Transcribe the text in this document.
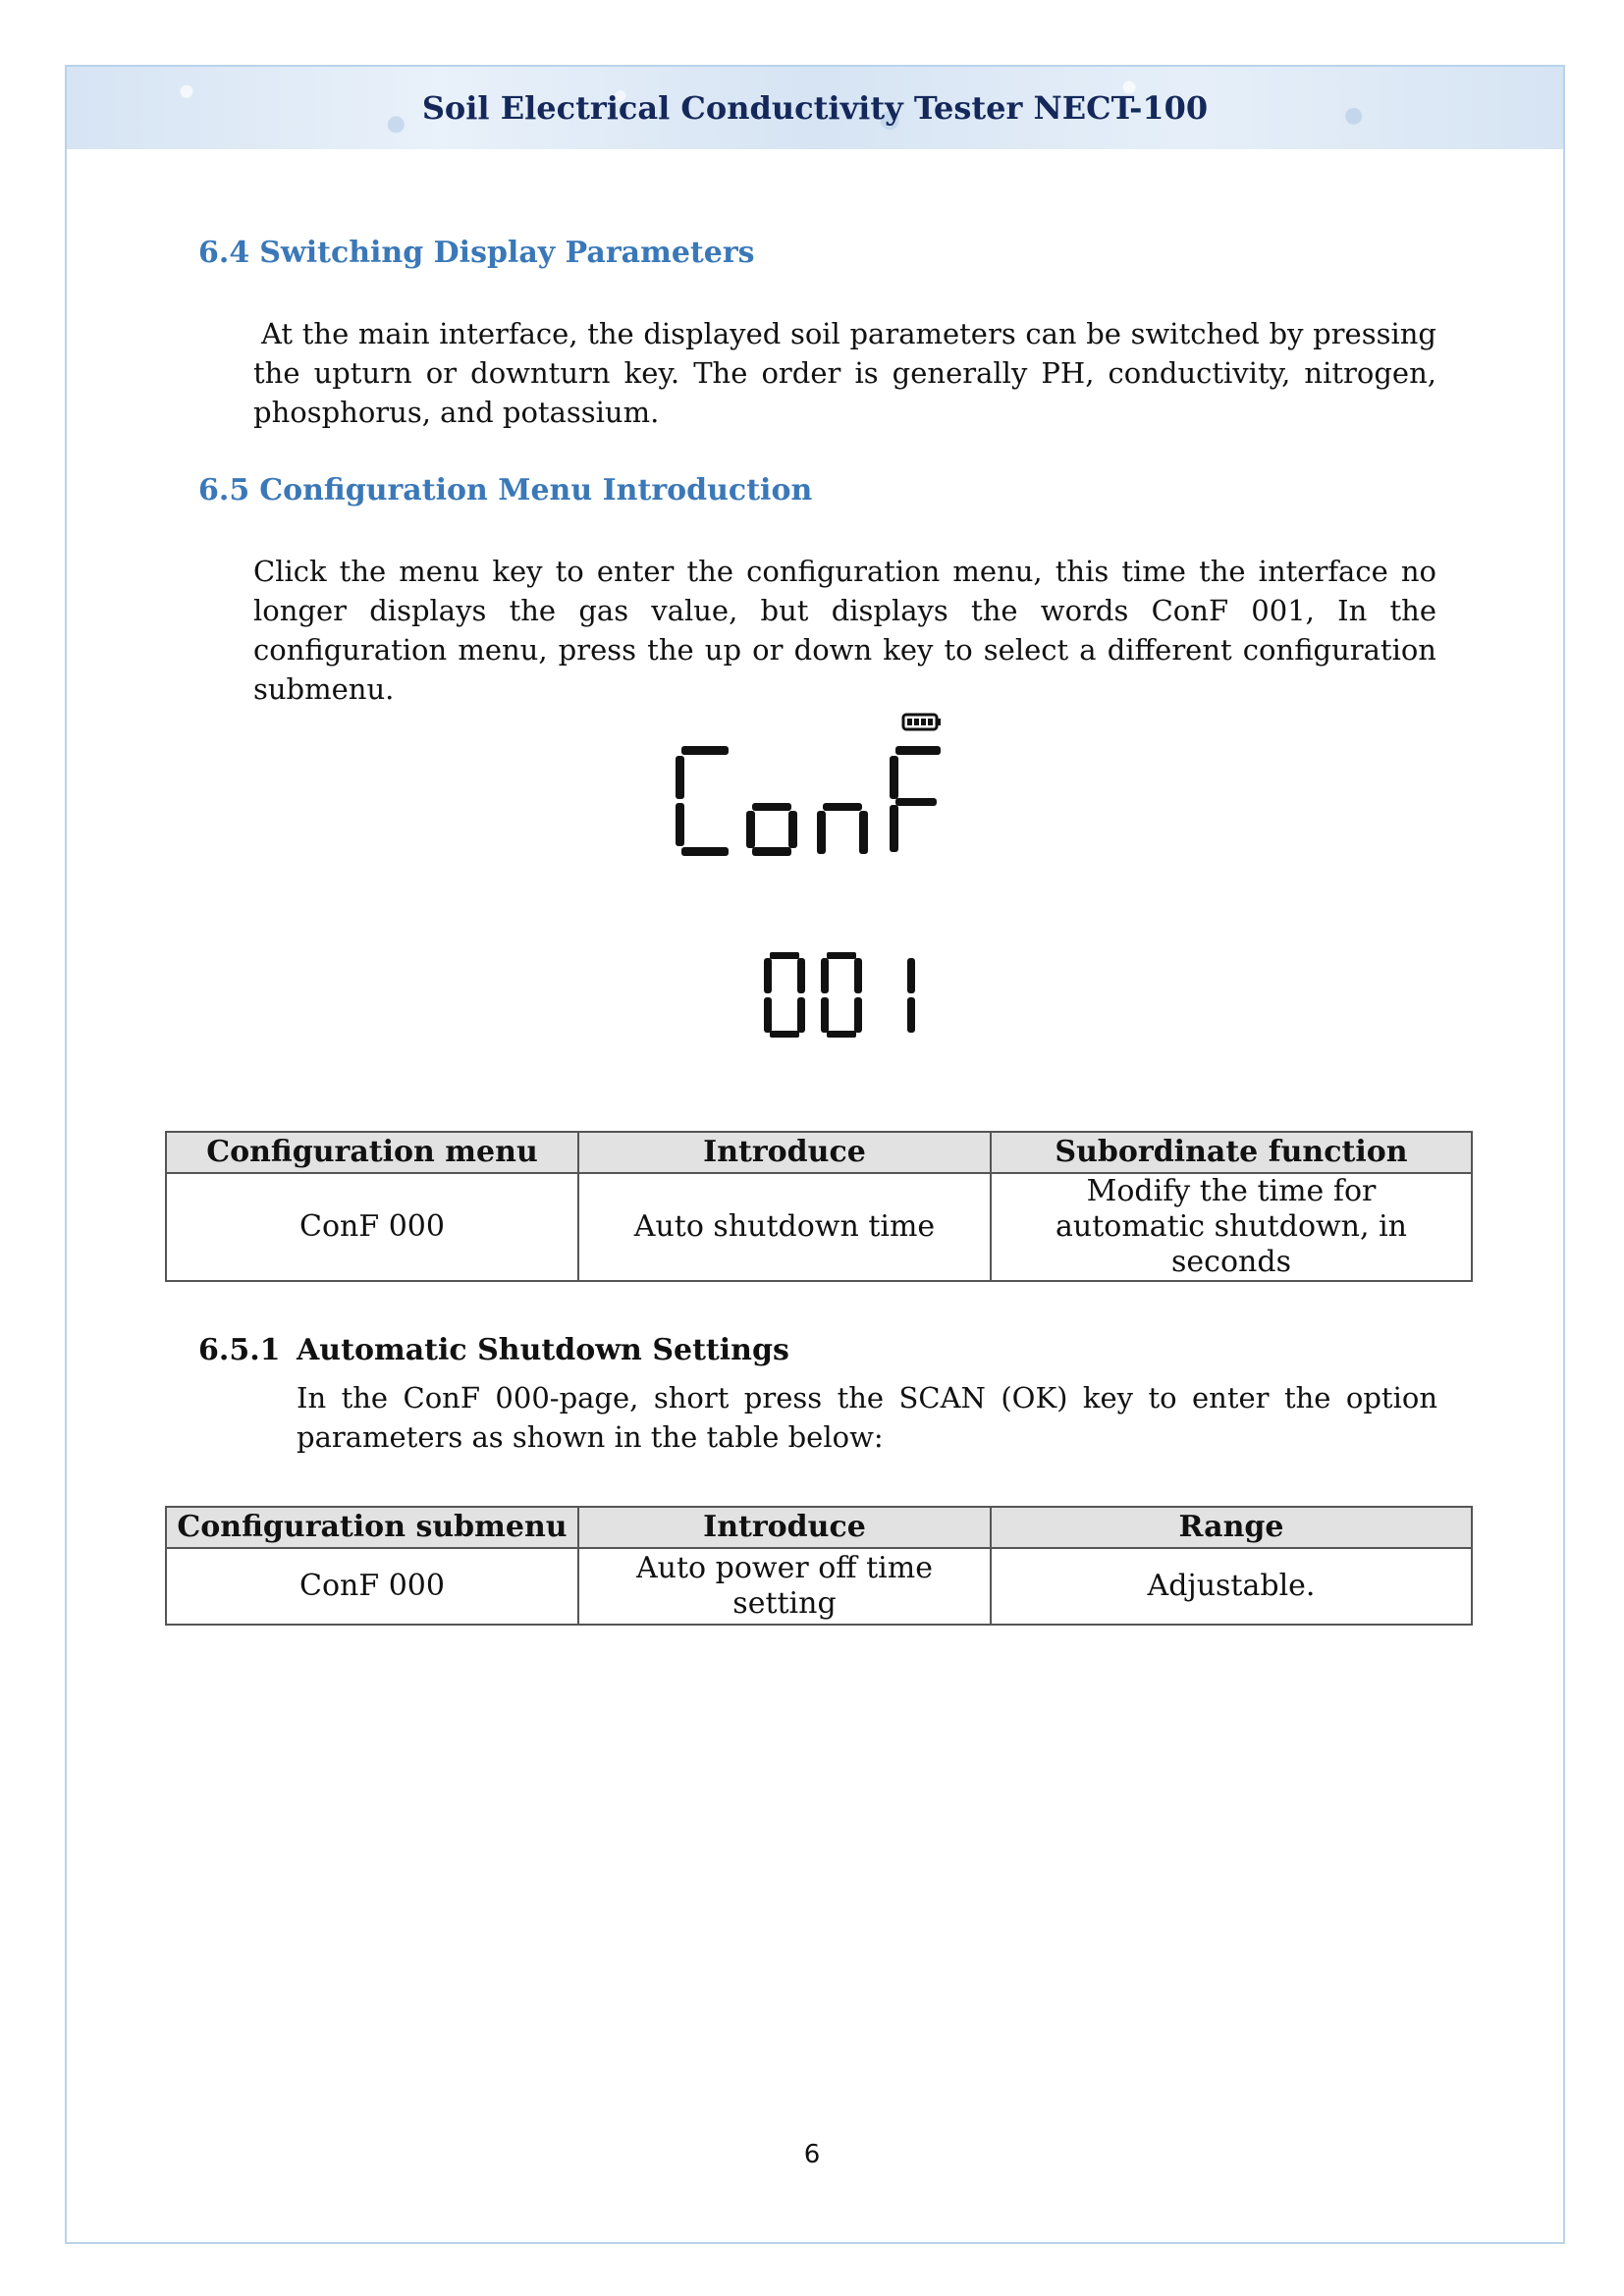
Soil Electrical Conductivity Tester NECT-100
6.4 Switching Display Parameters
At the main interface, the displayed soil parameters can be switched by pressing the upturn or downturn key. The order is generally PH, conductivity, nitrogen, phosphorus, and potassium.
6.5 Configuration Menu Introduction
Click the menu key to enter the configuration menu, this time the interface no longer displays the gas value, but displays the words ConF 001, In the configuration menu, press the up or down key to select a different configuration submenu.
Configuration menu	Introduce	Subordinate function
ConF 000	Auto shutdown time	Modify the time for automatic shutdown, in seconds
6.5.1 Automatic Shutdown Settings
In the ConF 000-page, short press the SCAN (OK) key to enter the option parameters as shown in the table below:
Configuration submenu	Introduce	Range
ConF 000	Auto power off time setting	Adjustable.
6
